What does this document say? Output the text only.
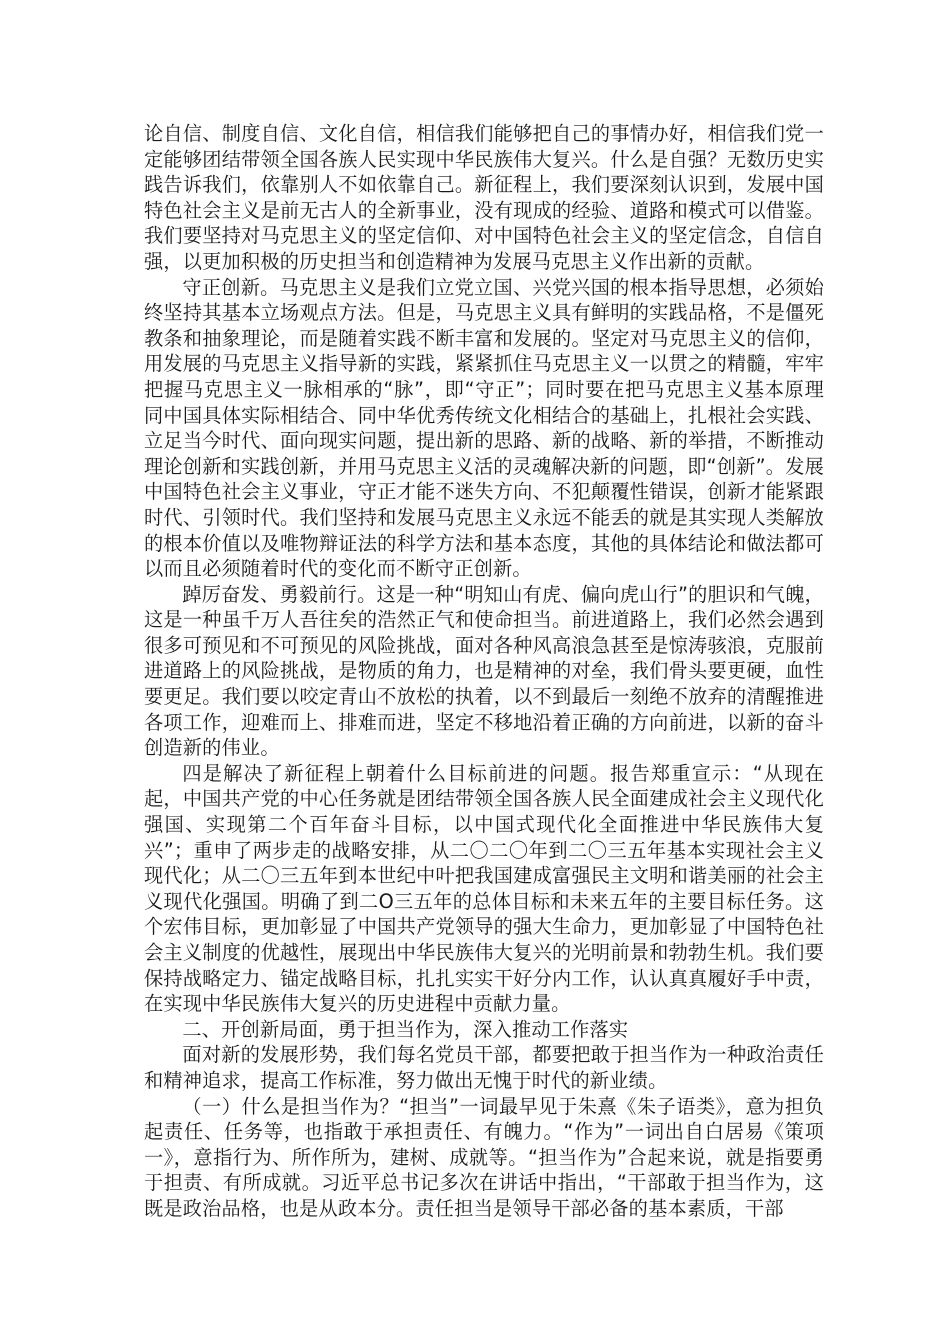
论自信、制度自信、文化自信，相信我们能够把自己的事情办好，相信我们党一定能够团结带领全国各族人民实现中华民族伟大复兴。什么是自强？无数历史实践告诉我们，依靠别人不如依靠自己。新征程上，我们要深刻认识到，发展中国特色社会主义是前无古人的全新事业，没有现成的经验、道路和模式可以借鉴。我们要坚持对马克思主义的坚定信仰、对中国特色社会主义的坚定信念，自信自强，以更加积极的历史担当和创造精神为发展马克思主义作出新的贡献。

守正创新。马克思主义是我们立党立国、兴党兴国的根本指导思想，必须始终坚持其基本立场观点方法。但是，马克思主义具有鲜明的实践品格，不是僵死教条和抽象理论，而是随着实践不断丰富和发展的。坚定对马克思主义的信仰，用发展的马克思主义指导新的实践，紧紧抓住马克思主义一以贯之的精髓，牢牢把握马克思主义一脉相承的“脉”，即“守正”；同时要在把马克思主义基本原理同中国具体实际相结合、同中华优秀传统文化相结合的基础上，扎根社会实践、立足当今时代、面向现实问题，提出新的思路、新的战略、新的举措，不断推动理论创新和实践创新，并用马克思主义活的灵魂解决新的问题，即“创新”。发展中国特色社会主义事业，守正才能不迷失方向、不犯颠覆性错误，创新才能紧跟时代、引领时代。我们坚持和发展马克思主义永远不能丢的就是其实现人类解放的根本价值以及唯物辩证法的科学方法和基本态度，其他的具体结论和做法都可以而且必须随着时代的变化而不断守正创新。

踔厉奋发、勇毅前行。这是一种“明知山有虎、偏向虎山行”的胆识和气魄，这是一种虽千万人吾往矣的浩然正气和使命担当。前进道路上，我们必然会遇到很多可预见和不可预见的风险挑战，面对各种风高浪急甚至是惊涛骇浪，克服前进道路上的风险挑战，是物质的角力，也是精神的对垒，我们骨头要更硬，血性要更足。我们要以咬定青山不放松的执着，以不到最后一刻绝不放弃的清醒推进各项工作，迎难而上、排难而进，坚定不移地沿着正确的方向前进，以新的奋斗创造新的伟业。

四是解决了新征程上朝着什么目标前进的问题。报告郑重宣示：“从现在起，中国共产党的中心任务就是团结带领全国各族人民全面建成社会主义现代化强国、实现第二个百年奋斗目标，以中国式现代化全面推进中华民族伟大复兴”；重申了两步走的战略安排，从二〇二〇年到二〇三五年基本实现社会主义现代化；从二〇三五年到本世纪中叶把我国建成富强民主文明和谐美丽的社会主义现代化强国。明确了到二O三五年的总体目标和未来五年的主要目标任务。这个宏伟目标，更加彰显了中国共产党领导的强大生命力，更加彰显了中国特色社会主义制度的优越性，展现出中华民族伟大复兴的光明前景和勃勃生机。我们要保持战略定力、锚定战略目标，扎扎实实干好分内工作，认认真真履好手中责，在实现中华民族伟大复兴的历史进程中贡献力量。

二、开创新局面，勇于担当作为，深入推动工作落实

面对新的发展形势，我们每名党员干部，都要把敢于担当作为一种政治责任和精神追求，提高工作标准，努力做出无愧于时代的新业绩。

（一）什么是担当作为？“担当”一词最早见于朱熹《朱子语类》，意为担负起责任、任务等，也指敢于承担责任、有魄力。“作为”一词出自白居易《策项一》，意指行为、所作所为，建树、成就等。“担当作为”合起来说，就是指要勇于担责、有所成就。习近平总书记多次在讲话中指出，“干部敢于担当作为，这既是政治品格，也是从政本分。责任担当是领导干部必备的基本素质，干部
